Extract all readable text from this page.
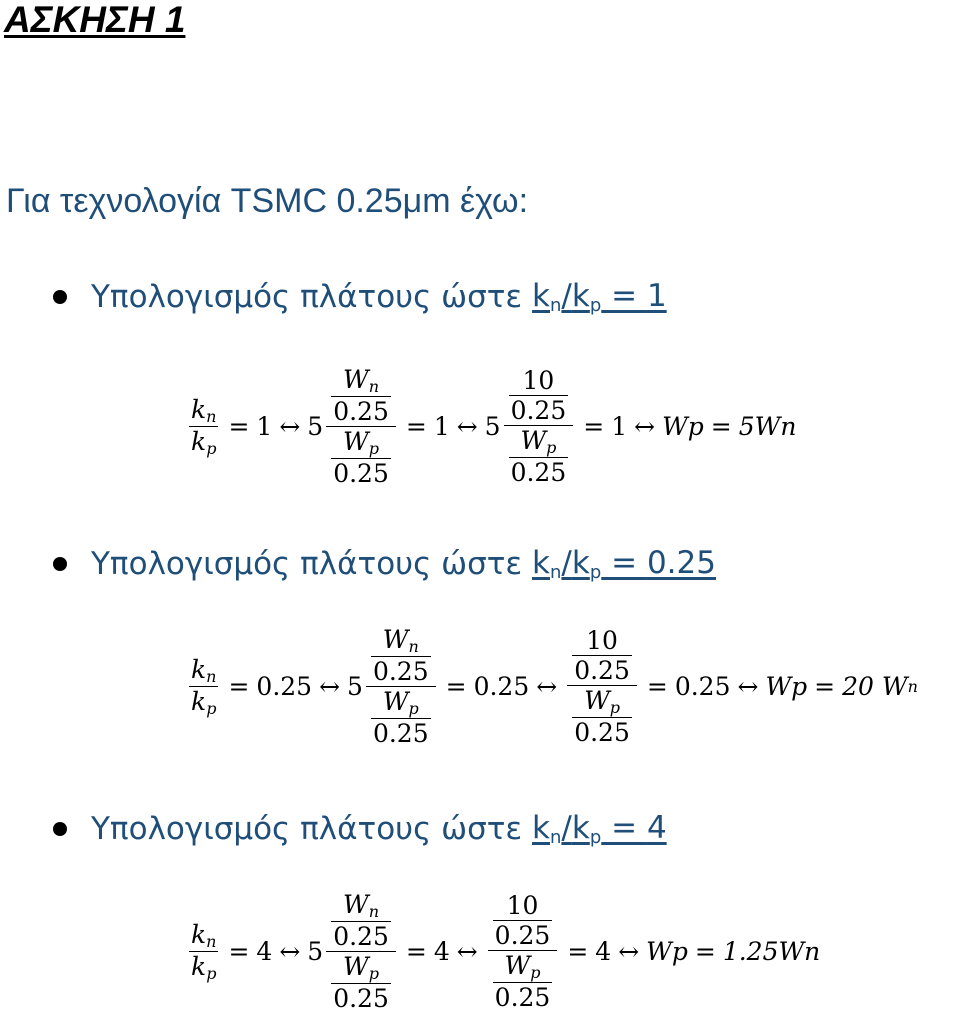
ΑΣΚΗΣΗ 1
Για τεχνολογία TSMC 0.25μm έχω:
Υπολογισμός πλάτους ώστε
$k_n/k_p = 1$
$\frac{kn}{kp} = 1$ ↔ $5 \frac{\frac{Wn}{0.25}}{\frac{Wp}{0.25}} = 1$ ↔ $5 \frac{\frac{10}{0.25}}{\frac{Wp}{0.25}} = 1$ ↔ Wp = 5Wn
Υπολογισμός πλάτους ώστε
$k_n/k_p = 0.25$
$\frac{kn}{kp} = 0.25$ ↔ $5 \frac{\frac{Wn}{0.25}}{\frac{Wp}{0.25}} = 0.25$ ↔ $\frac{\frac{10}{0.25}}{\frac{Wp}{0.25}} = 0.25$ ↔ Wp = 20 W n
Υπολογισμός πλάτους ώστε
$k_n/k_p = 4$
$\frac{kn}{kp} = 4$ ↔ $5 \frac{\frac{Wn}{0.25}}{\frac{Wp}{0.25}} = 4$ ↔ $\frac{\frac{10}{0.25}}{\frac{Wp}{0.25}} = 4$ ↔ Wp = 1.25Wn
